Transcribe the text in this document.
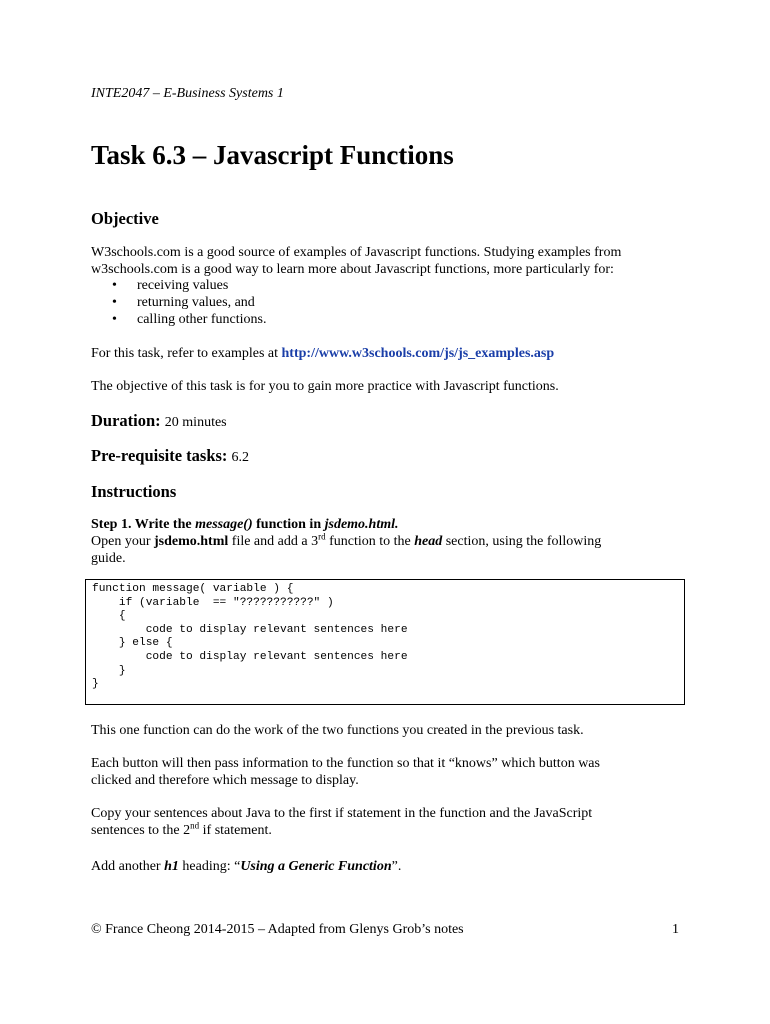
INTE2047 – E-Business Systems 1
Task 6.3 – Javascript Functions
Objective
W3schools.com is a good source of examples of Javascript functions. Studying examples from
w3schools.com is a good way to learn more about Javascript functions, more particularly for:
• receiving values
• returning values, and
• calling other functions.
For this task, refer to examples at http://www.w3schools.com/js/js_examples.asp
The objective of this task is for you to gain more practice with Javascript functions.
Duration: 20 minutes
Pre-requisite tasks: 6.2
Instructions
Step 1. Write the message() function in jsdemo.html.
Open your jsdemo.html file and add a 3rd function to the head section, using the following
guide.
function message( variable ) {
if (variable  == "???????????" )
{
code to display relevant sentences here
} else {
code to display relevant sentences here
}
}
This one function can do the work of the two functions you created in the previous task.
Each button will then pass information to the function so that it “knows” which button was
clicked and therefore which message to display.
Copy your sentences about Java to the first if statement in the function and the JavaScript
sentences to the 2nd if statement.
Add another h1 heading: “Using a Generic Function”.
© France Cheong 2014-2015 – Adapted from Glenys Grob’s notes	1
